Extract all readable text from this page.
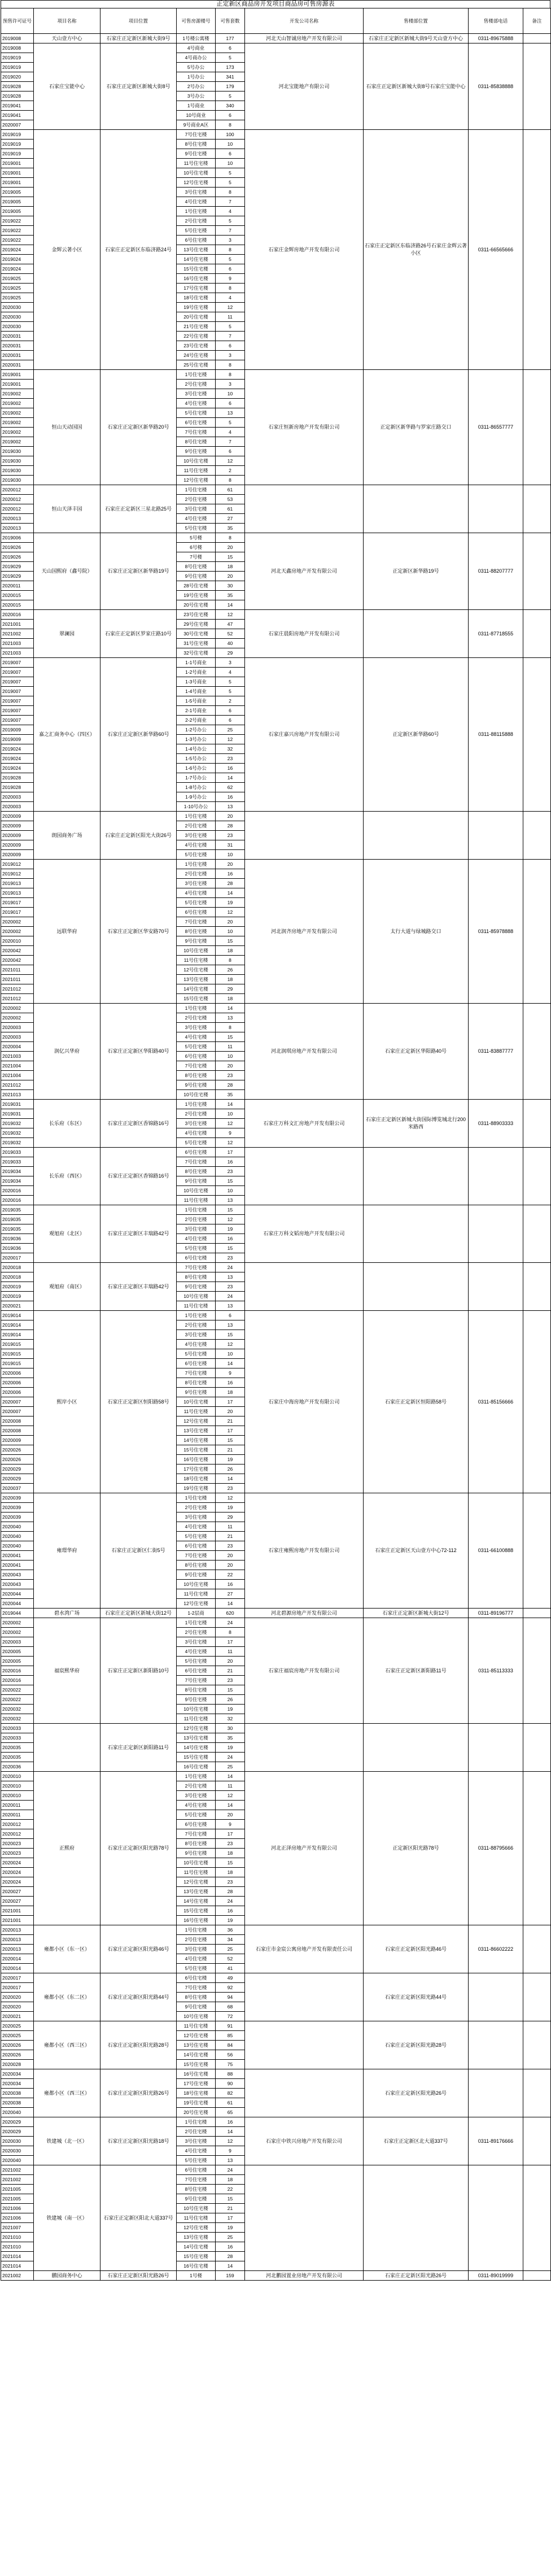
正定新区商品房开发项目商品房可售房源表
预售许可证号	项目名称	项目位置	可售房源楼号	可售套数	开发公司名称	售楼部位置	售楼部电话	备注
2019008	天山壹方中心	石家庄正定新区新城大街9号	1号楼公寓楼	177	河北天山智诚房地产开发有限公司	石家庄正定新区新城大街9号天山壹方中心	0311-89675888	
2019008	石家庄宝能中心	石家庄正定新区新城大街8号	4号商业	6	河北宝能地产有限公司	石家庄正定新区新城大街8号石家庄宝能中心	0311-85838888	
2019019			4号商办公	5				
2019019			5号办公	173				
2019020			1号办公	341				
2019028			2号办公	179				
2019028			3号办公	5				
2019041			1号商业	340				
2019041			10号商业	6				
2020007			9号商业A区	8				
2019019	金辉云著小区	石家庄正定新区东临济路24号	7号住宅楼	100	石家庄金辉房地产开发有限公司	石家庄正定新区东临济路26号石家庄金辉云著小区	0311-66565666	
2019019			8号住宅楼	10				
2019019			9号住宅楼	6				
2019001			11号住宅楼	10				
2019001			10号住宅楼	5				
2019001			12号住宅楼	5				
2019005			3号住宅楼	8				
2019005			4号住宅楼	7				
2019005			1号住宅楼	4				
2019022			2号住宅楼	5				
2019022			5号住宅楼	7				
2019022			6号住宅楼	3				
2019024			13号住宅楼	8				
2019024			14号住宅楼	5				
2019024			15号住宅楼	6				
2019025			16号住宅楼	9				
2019025			17号住宅楼	8				
2019025			18号住宅楼	4				
2020030			19号住宅楼	12				
2020030			20号住宅楼	11				
2020030			21号住宅楼	5				
2020031			22号住宅楼	7				
2020031			23号住宅楼	6				
2020031			24号住宅楼	3				
2020031			25号住宅楼	8				
2019001	恒山天动国国	石家庄正定新区新华路20号	1号住宅楼	8	石家庄恒新房地产开发有限公司	正定新区新华路与罗家庄路交口	0311-86557777	
2019001			2号住宅楼	3				
2019002			3号住宅楼	10				
2019002			4号住宅楼	6				
2019002			5号住宅楼	13				
2019002			6号住宅楼	5				
2019002			7号住宅楼	4				
2019002			8号住宅楼	7				
2019030			9号住宅楼	6				
2019030			10号住宅楼	12				
2019030			11号住宅楼	2				
2019030			12号住宅楼	8				
2020012	恒山天泽丰园	石家庄正定新区三星北路25号	1号住宅楼	61				
2020012			2号住宅楼	53				
2020012			3号住宅楼	61				
2020013			4号住宅楼	27				
2020013			5号住宅楼	35				
2019006	天山国熙府（鑫号院）	石家庄正定新区新华路19号	5号楼	8	河北天鑫房地产开发有限公司	正定新区新华路19号	0311-88207777	
2019026			6号楼	20				
2019026			7号楼	15				
2019029			8号住宅楼	18				
2019029			9号住宅楼	20				
2020011			28号住宅楼	30				
2020015			19号住宅楼	35				
2020015			20号住宅楼	14				
2020016	翠澜园	石家庄正定新区罗家庄路10号	23号住宅楼	12	石家庄晨阳房地产开发有限公司		0311-87718555	
2021001			29号住宅楼	47				
2021002			30号住宅楼	52				
2021003			31号住宅楼	40				
2021003			32号住宅楼	29				
2019007	嘉之汇商务中心（四区）	石家庄正定新区新华路60号	1-1号商业	3	石家庄嘉兴房地产开发有限公司	正定新区新华路60号	0311-88115888	
2019007			1-2号商业	4				
2019007			1-3号商业	5				
2019007			1-4号商业	5				
2019007			1-5号商业	2				
2019007			2-1号商业	6				
2019007			2-2号商业	6				
2019009			1-2号办公	25				
2019009			1-3号办公	12				
2019024			1-4号办公	32				
2019024			1-5号办公	23				
2019024			1-6号办公	16				
2019028			1-7号办公	14				
2019028			1-8号办公	62				
2020003			1-9号办公	16				
2020003			1-10号办公	13				
2020009	朗园商务广场	石家庄正定新区阳光大街26号	1号住宅楼	20				
2020009			2号住宅楼	28				
2020009			3号住宅楼	23				
2020009			4号住宅楼	31				
2020009			5号住宅楼	10				
2019012	远联华府	石家庄正定新区华安路70号	1号住宅楼	20	河北润齐房地产开发有限公司	太行大道与绿城路交口	0311-85978888	
2019012			2号住宅楼	16				
2019013			3号住宅楼	28				
2019013			4号住宅楼	14				
2019017			5号住宅楼	19				
2019017			6号住宅楼	12				
2020002			7号住宅楼	20				
2020002			8号住宅楼	10				
2020010			9号住宅楼	15				
2020042			10号住宅楼	18				
2020042			11号住宅楼	8				
2021011			12号住宅楼	26				
2021011			13号住宅楼	18				
2021012			14号住宅楼	29				
2021012			15号住宅楼	18				
2020002	润亿兴华府	石家庄正定新区华阳路40号	1号住宅楼	14	河北润琪房地产开发有限公司	石家庄正定新区华阳路40号	0311-83887777	
2020002			2号住宅楼	13				
2020003			3号住宅楼	8				
2020003			4号住宅楼	15				
2020004			5号住宅楼	11				
2021003			6号住宅楼	10				
2021004			7号住宅楼	20				
2021004			8号住宅楼	23				
2021012			9号住宅楼	28				
2021013			10号住宅楼	35				
2019031	长乐府（东区）	石家庄正定新区香锦路16号	1号住宅楼	14	石家庄万科文汇房地产开发有限公司	石家庄正定新区新城大街国际博览城北行200米路西	0311-88903333	
2019031			2号住宅楼	10				
2019032			3号住宅楼	12				
2019032			4号住宅楼	9				
2019032			5号住宅楼	12				
2019033	长乐府（西区）	石家庄正定新区香锦路16号	6号住宅楼	17				
2019033			7号住宅楼	16				
2019034			8号住宅楼	23				
2019034			9号住宅楼	15				
2020016			10号住宅楼	10				
2020016			11号住宅楼	13				
2019035	观旭府（北区）	石家庄正定新区丰瑞路42号	1号住宅楼	15	石家庄万科文韬房地产开发有限公司			
2019035			2号住宅楼	12				
2019035			3号住宅楼	19				
2019036			4号住宅楼	16				
2019036			5号住宅楼	15				
2020017			6号住宅楼	23				
2020018	观旭府（南区）	石家庄正定新区丰瑞路42号	7号住宅楼	24				
2020018			8号住宅楼	13				
2020019			9号住宅楼	23				
2020019			10号住宅楼	24				
2020021			11号住宅楼	13				
2019014	熙岸小区	石家庄正定新区恒阳路58号	1号住宅楼	6	石家庄中海房地产开发有限公司	石家庄正定新区恒阳路58号	0311-85156666	
2019014			2号住宅楼	13				
2019014			3号住宅楼	15				
2019015			4号住宅楼	12				
2019015			5号住宅楼	10				
2019015			6号住宅楼	14				
2020006			7号住宅楼	9				
2020006			8号住宅楼	16				
2020006			9号住宅楼	18				
2020007			10号住宅楼	17				
2020007			11号住宅楼	20				
2020008			12号住宅楼	21				
2020008			13号住宅楼	17				
2020009			14号住宅楼	15				
2020026			15号住宅楼	21				
2020026			16号住宅楼	19				
2020029			17号住宅楼	26				
2020029			18号住宅楼	14				
2020037			19号住宅楼	23				
2020039	雍璟华府	石家庄正定新区仁街5号	1号住宅楼	12	石家庄雍熙房地产开发有限公司	石家庄正定新区天山壹方中心72-112	0311-66100888	
2020039			2号住宅楼	19				
2020039			3号住宅楼	29				
2020040			4号住宅楼	11				
2020040			5号住宅楼	21				
2020040			6号住宅楼	23				
2020041			7号住宅楼	20				
2020041			8号住宅楼	20				
2020043			9号住宅楼	22				
2020043			10号住宅楼	16				
2020044			11号住宅楼	27				
2020044			12号住宅楼	14				
2019044	碧水湾广场	石家庄正定新区新城大街12号	1-2层商	620	河北碧源房地产开发有限公司	石家庄正定新区新城大街12号	0311-89196777	
2020002	福宸熙华府	石家庄正定新区新阳路10号	1号住宅楼	24	石家庄福宸房地产开发有限公司	石家庄正定新区新阳路11号	0311-85113333	
2020002			2号住宅楼	8				
2020003			3号住宅楼	17				
2020005			4号住宅楼	11				
2020005			5号住宅楼	20				
2020016			6号住宅楼	21				
2020016			7号住宅楼	23				
2020022			8号住宅楼	15				
2020022			9号住宅楼	26				
2020032			10号住宅楼	19				
2020032			11号住宅楼	32				
2020033		石家庄正定新区新阳路11号	12号住宅楼	30				
2020033			13号住宅楼	35				
2020035			14号住宅楼	19				
2020035			15号住宅楼	24				
2020036			16号住宅楼	25				
2020010	正熙府	石家庄正定新区阳光路78号	1号住宅楼	14	河北正泽房地产开发有限公司	正定新区阳光路78号	0311-88795666	
2020010			2号住宅楼	11				
2020010			3号住宅楼	12				
2020011			4号住宅楼	14				
2020011			5号住宅楼	20				
2020012			6号住宅楼	9				
2020012			7号住宅楼	17				
2020023			8号住宅楼	23				
2020023			9号住宅楼	18				
2020024			10号住宅楼	15				
2020024			11号住宅楼	18				
2020024			12号住宅楼	23				
2020027			13号住宅楼	28				
2020027			14号住宅楼	24				
2021001			15号住宅楼	16				
2021001			16号住宅楼	19				
2020013	雍都小区（东一区）	石家庄正定新区阳光路46号	1号住宅楼	36	石家庄市金宸公寓房地产开发有限责任公司	石家庄正定新区阳光路46号	0311-86602222	
2020013			2号住宅楼	34				
2020013			3号住宅楼	25				
2020014			4号住宅楼	52				
2020014			5号住宅楼	41				
2020017	雍都小区（东二区）	石家庄正定新区阳光路44号	6号住宅楼	49		石家庄正定新区阳光路44号		
2020017			7号住宅楼	92				
2020020			8号住宅楼	94				
2020020			9号住宅楼	68				
2020021			10号住宅楼	72				
2020025	雍都小区（西三区）	石家庄正定新区阳光路28号	11号住宅楼	91		石家庄正定新区阳光路28号		
2020025			12号住宅楼	85				
2020026			13号住宅楼	84				
2020026			14号住宅楼	56				
2020028			15号住宅楼	75				
2020034	雍都小区（西三区）	石家庄正定新区阳光路26号	16号住宅楼	88		石家庄正定新区阳光路26号		
2020034			17号住宅楼	90				
2020038			18号住宅楼	82				
2020038			19号住宅楼	61				
2020040			20号住宅楼	65				
2020029	铁建城（北一区）	石家庄正定新区阳光路18号	1号住宅楼	16	石家庄中铁兴房地产开发有限公司	石家庄正定新区北大道337号	0311-89176666	
2020029			2号住宅楼	14				
2020030			3号住宅楼	12				
2020030			4号住宅楼	9				
2020040			5号住宅楼	13				
2021002	铁建城（南一区）	石家庄正定新区阳北大道337号	6号住宅楼	24				
2021002			7号住宅楼	18				
2021005			8号住宅楼	22				
2021005			9号住宅楼	15				
2021006			10号住宅楼	21				
2021006			11号住宅楼	17				
2021007			12号住宅楼	19				
2021010			13号住宅楼	25				
2021010			14号住宅楼	16				
2021014			15号住宅楼	28				
2021014			16号住宅楼	14				
2021002	鹏园商务中心	石家庄正定新区阳光路26号	1号楼	159	河北鹏园置业房地产开发有限公司	石家庄正定新区阳光路26号	0311-89019999	
